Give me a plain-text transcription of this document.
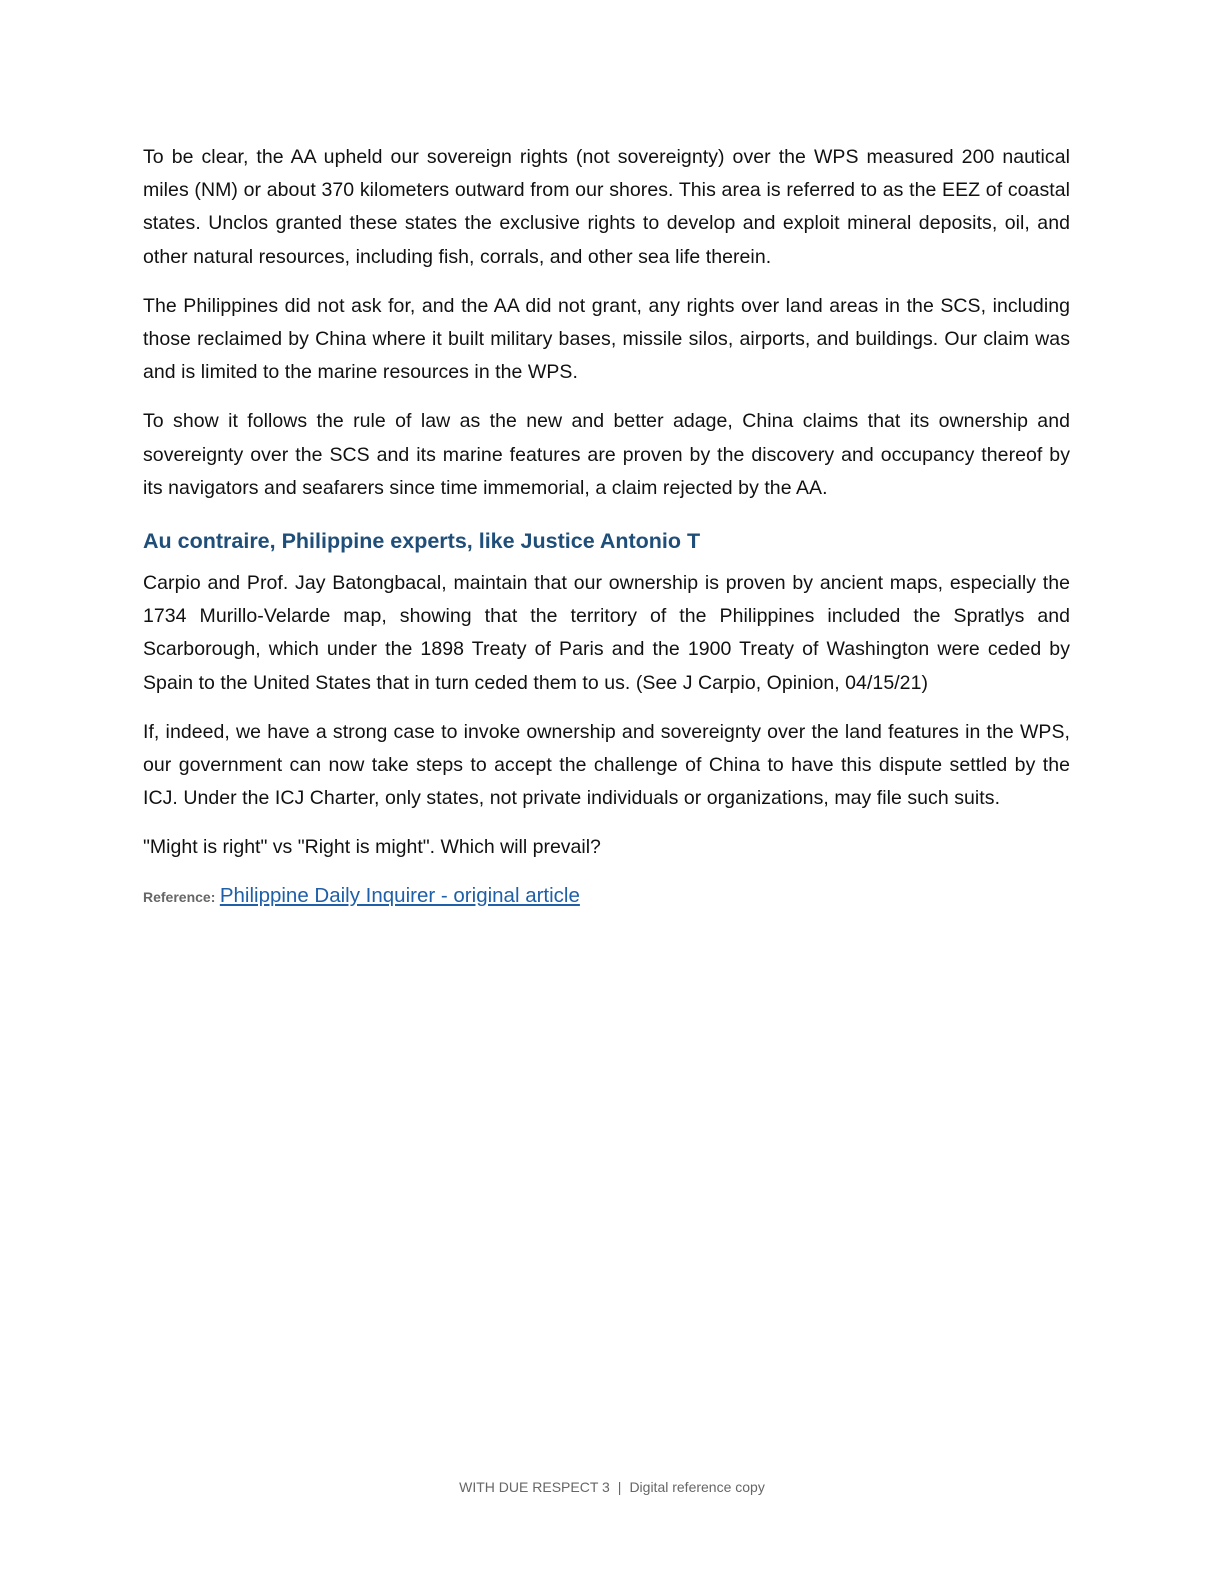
To be clear, the AA upheld our sovereign rights (not sovereignty) over the WPS measured 200 nautical miles (NM) or about 370 kilometers outward from our shores. This area is referred to as the EEZ of coastal states. Unclos granted these states the exclusive rights to develop and exploit mineral deposits, oil, and other natural resources, including fish, corrals, and other sea life therein.

The Philippines did not ask for, and the AA did not grant, any rights over land areas in the SCS, including those reclaimed by China where it built military bases, missile silos, airports, and buildings. Our claim was and is limited to the marine resources in the WPS.

To show it follows the rule of law as the new and better adage, China claims that its ownership and sovereignty over the SCS and its marine features are proven by the discovery and occupancy thereof by its navigators and seafarers since time immemorial, a claim rejected by the AA.

Au contraire, Philippine experts, like Justice Antonio T

Carpio and Prof. Jay Batongbacal, maintain that our ownership is proven by ancient maps, especially the 1734 Murillo-Velarde map, showing that the territory of the Philippines included the Spratlys and Scarborough, which under the 1898 Treaty of Paris and the 1900 Treaty of Washington were ceded by Spain to the United States that in turn ceded them to us. (See J Carpio, Opinion, 04/15/21)

If, indeed, we have a strong case to invoke ownership and sovereignty over the land features in the WPS, our government can now take steps to accept the challenge of China to have this dispute settled by the ICJ. Under the ICJ Charter, only states, not private individuals or organizations, may file such suits.

"Might is right" vs "Right is might". Which will prevail?

Reference: Philippine Daily Inquirer - original article
WITH DUE RESPECT 3 | Digital reference copy
